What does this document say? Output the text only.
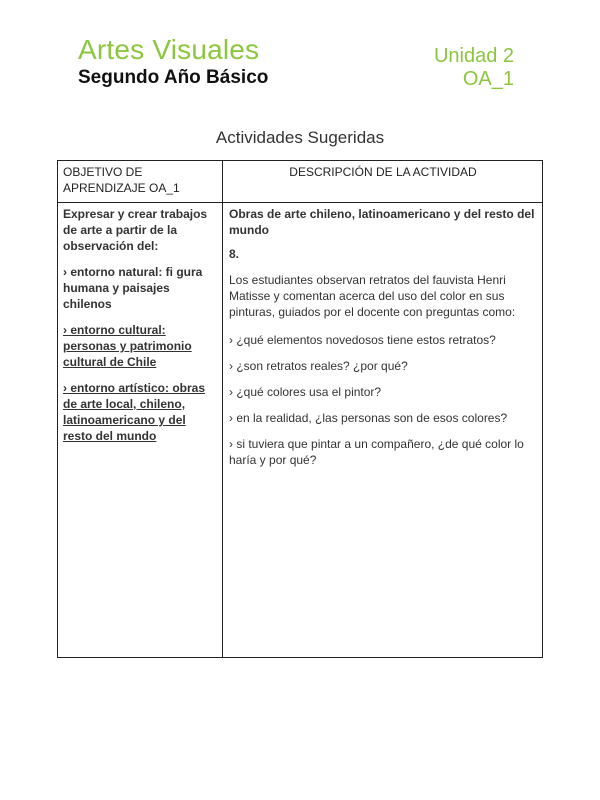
Artes Visuales
Segundo Año Básico
Unidad 2
OA_1
Actividades Sugeridas
OBJETIVO DE APRENDIZAJE OA_1
DESCRIPCIÓN DE LA ACTIVIDAD

Expresar y crear trabajos de arte a partir de la observación del:

› entorno natural: fi gura humana y paisajes chilenos

› entorno cultural: personas y patrimonio cultural de Chile

› entorno artístico: obras de arte local, chileno, latinoamericano y del resto del mundo

Obras de arte chileno, latinoamericano y del resto del mundo
8.
Los estudiantes observan retratos del fauvista Henri Matisse y comentan acerca del uso del color en sus pinturas, guiados por el docente con preguntas como:
› ¿qué elementos novedosos tiene estos retratos?
› ¿son retratos reales? ¿por qué?
› ¿qué colores usa el pintor?
› en la realidad, ¿las personas son de esos colores?
› si tuviera que pintar a un compañero, ¿de qué color lo haría y por qué?
